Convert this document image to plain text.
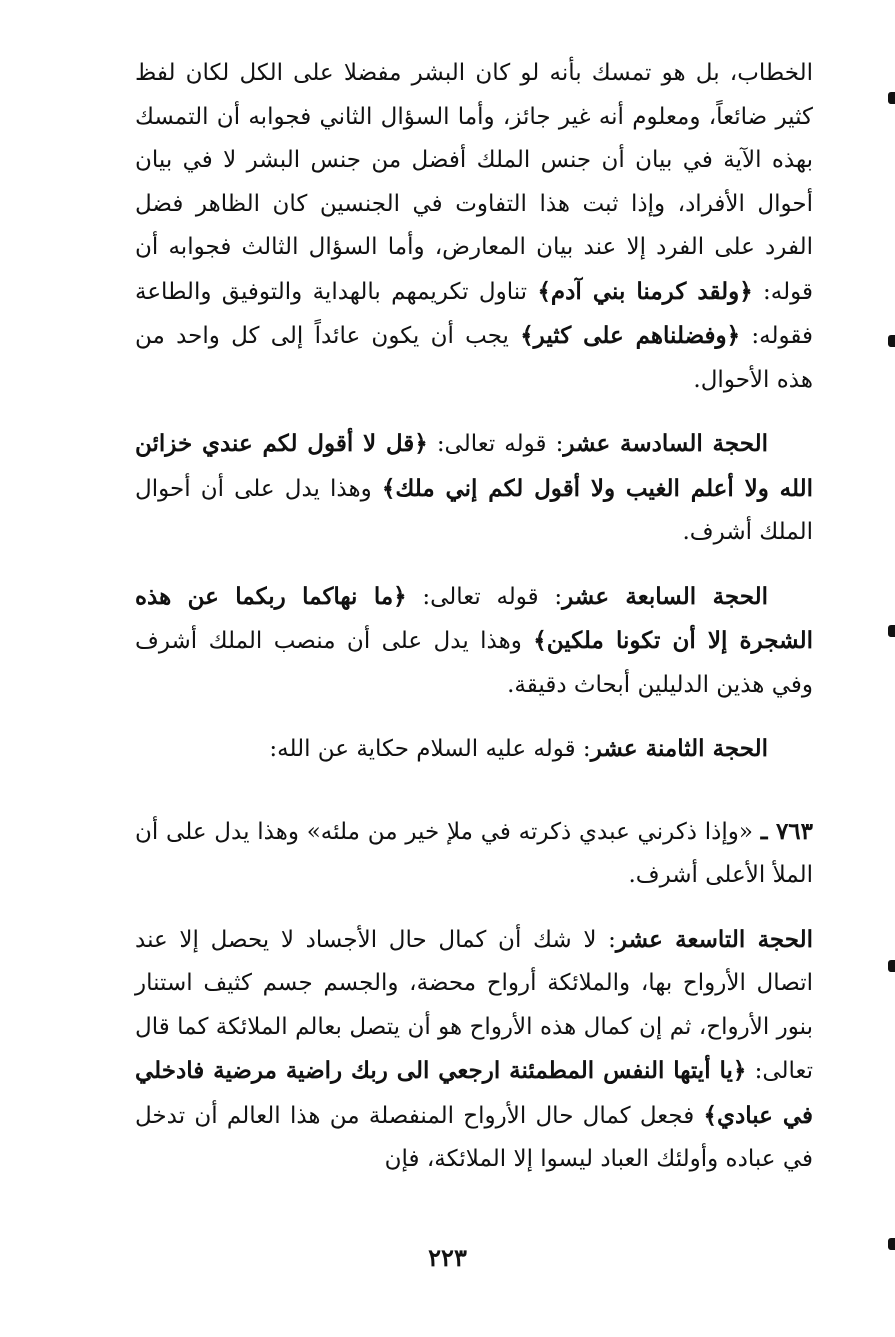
الخطاب، بل هو تمسك بأنه لو كان البشر مفضلا على الكل لكان لفظ كثير ضائعاً، ومعلوم أنه غير جائز، وأما السؤال الثاني فجوابه أن التمسك بهذه الآية في بيان أن جنس الملك أفضل من جنس البشر لا في بيان أحوال الأفراد، وإذا ثبت هذا التفاوت في الجنسين كان الظاهر فضل الفرد على الفرد إلا عند بيان المعارض، وأما السؤال الثالث فجوابه أن قوله: ﴿ولقد كرمنا بني آدم﴾ تناول تكريمهم بالهداية والتوفيق والطاعة فقوله: ﴿وفضلناهم على كثير﴾ يجب أن يكون عائداً إلى كل واحد من هذه الأحوال.

الحجة السادسة عشر: قوله تعالى: ﴿قل لا أقول لكم عندي خزائن الله ولا أعلم الغيب ولا أقول لكم إني ملك﴾ وهذا يدل على أن أحوال الملك أشرف.

الحجة السابعة عشر: قوله تعالى: ﴿ما نهاكما ربكما عن هذه الشجرة إلا أن تكونا ملكين﴾ وهذا يدل على أن منصب الملك أشرف وفي هذين الدليلين أبحاث دقيقة.

الحجة الثامنة عشر: قوله عليه السلام حكاية عن الله:

٧٦٣ ـ «وإذا ذكرني عبدي ذكرته في ملإ خير من ملئه» وهذا يدل على أن الملأ الأعلى أشرف.

الحجة التاسعة عشر: لا شك أن كمال حال الأجساد لا يحصل إلا عند اتصال الأرواح بها، والملائكة أرواح محضة، والجسم جسم كثيف استنار بنور الأرواح، ثم إن كمال هذه الأرواح هو أن يتصل بعالم الملائكة كما قال تعالى: ﴿يا أيتها النفس المطمئنة ارجعي الى ربك راضية مرضية فادخلي في عبادي﴾ فجعل كمال حال الأرواح المنفصلة من هذا العالم أن تدخل في عباده وأولئك العباد ليسوا إلا الملائكة، فإن

٢٢٣
